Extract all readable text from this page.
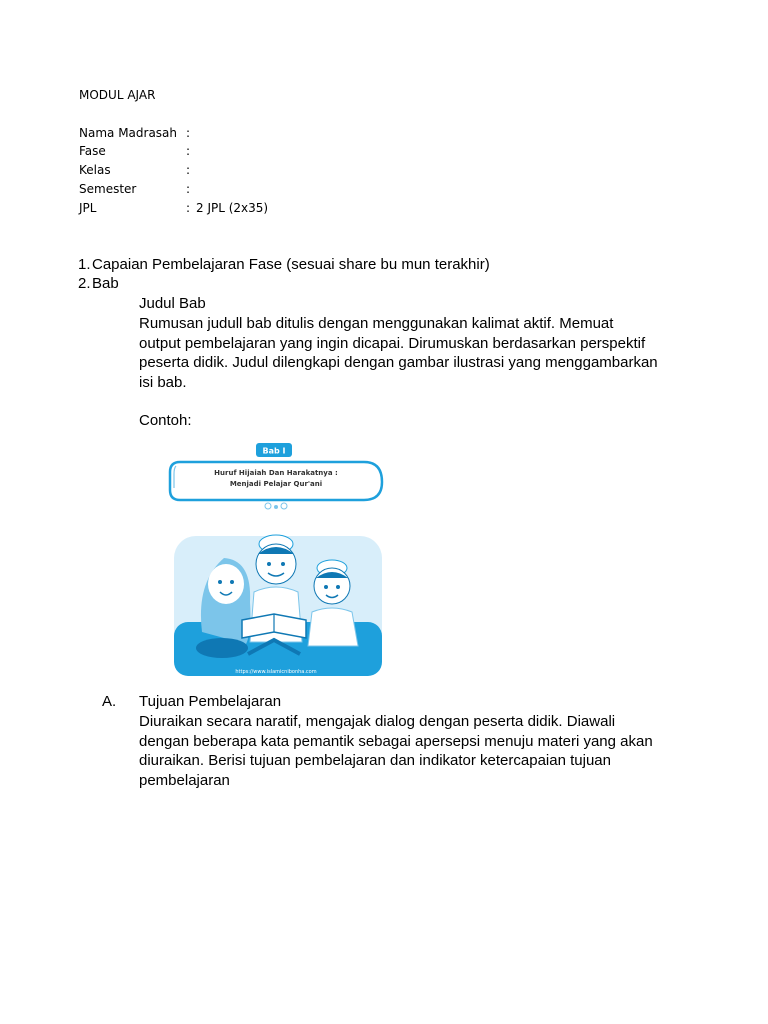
MODUL AJAR
Nama Madrasah :
Fase	:
Kelas	:
Semester	:
JPL	: 2 JPL (2x35)
1. Capaian Pembelajaran Fase (sesuai share bu mun terakhir)
2. Bab
Judul Bab
Rumusan judull bab ditulis dengan menggunakan kalimat aktif. Memuat
output pembelajaran yang ingin dicapai. Dirumuskan berdasarkan perspektif
peserta didik. Judul dilengkapi dengan gambar ilustrasi yang menggambarkan
isi bab.
Contoh:
Bab I
Huruf Hijaiah Dan Harakatnya :
Menjadi Pelajar Qur'ani
https://www.islamicnibonha.com
A. Tujuan Pembelajaran
Diuraikan secara naratif, mengajak dialog dengan peserta didik. Diawali
dengan beberapa kata pemantik sebagai apersepsi menuju materi yang akan
diuraikan. Berisi tujuan pembelajaran dan indikator ketercapaian tujuan
pembelajaran
